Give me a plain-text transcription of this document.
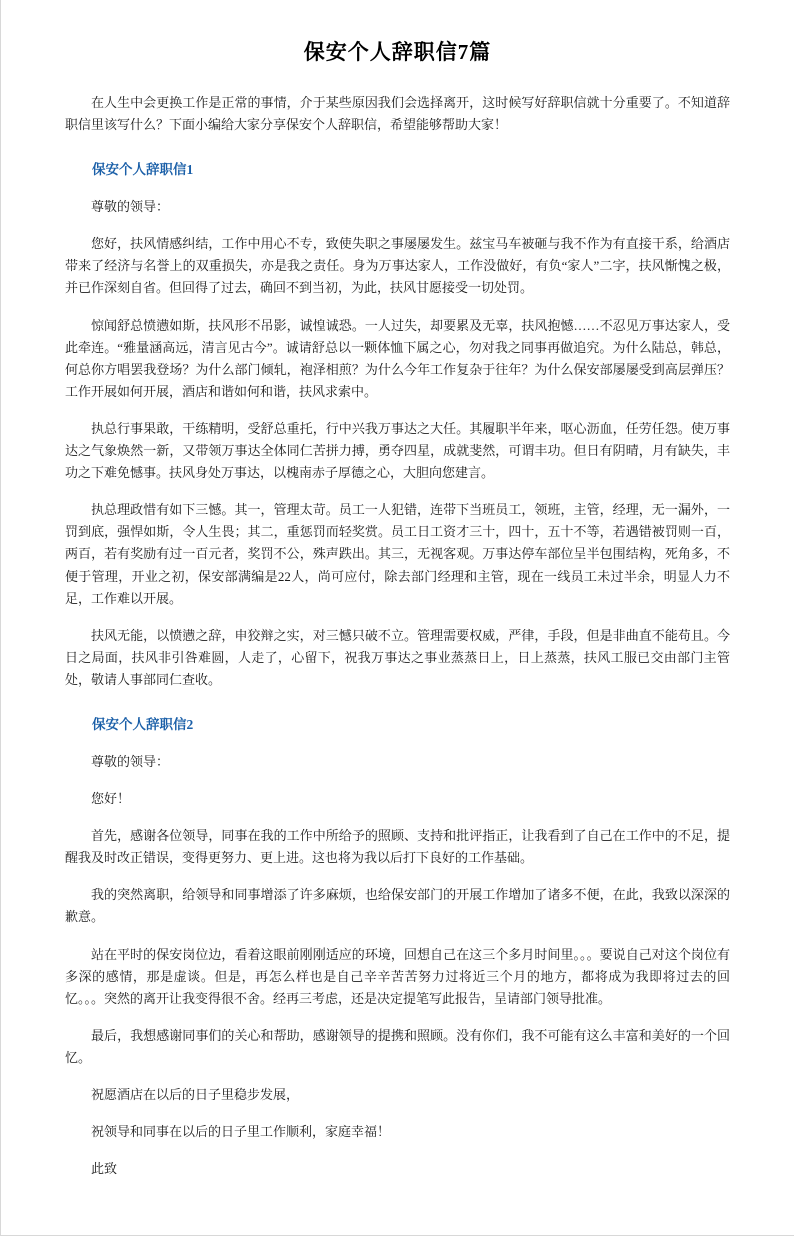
保安个人辞职信7篇

在人生中会更换工作是正常的事情，介于某些原因我们会选择离开，这时候写好辞职信就十分重要了。不知道辞职信里该写什么？下面小编给大家分享保安个人辞职信，希望能够帮助大家！

保安个人辞职信1

尊敬的领导：

您好，扶风情感纠结，工作中用心不专，致使失职之事屡屡发生。兹宝马车被砸与我不作为有直接干系，给酒店带来了经济与名誉上的双重损失，亦是我之责任。身为万事达家人，工作没做好，有负“家人”二字，扶风惭愧之极，并已作深刻自省。但回得了过去，确回不到当初，为此，扶风甘愿接受一切处罚。

惊闻舒总愤懑如斯，扶风形不吊影，诚惶诚恐。一人过失，却要累及无辜，扶风抱憾……不忍见万事达家人，受此牵连。“雅量涵高远，清言见古今”。诚请舒总以一颗体恤下属之心，勿对我之同事再做追究。为什么陆总，韩总，何总你方唱罢我登场？为什么部门倾轧，袍泽相煎？为什么今年工作复杂于往年？为什么保安部屡屡受到高层弹压？工作开展如何开展，酒店和谐如何和谐，扶风求索中。

执总行事果敢，干练精明，受舒总重托，行中兴我万事达之大任。其履职半年来，呕心沥血，任劳任怨。使万事达之气象焕然一新，又带领万事达全体同仁苦拼力搏，勇夺四星，成就斐然，可谓丰功。但日有阴晴，月有缺失，丰功之下难免憾事。扶风身处万事达，以槐南赤子厚德之心，大胆向您建言。

执总理政惜有如下三憾。其一，管理太苛。员工一人犯错，连带下当班员工，领班，主管，经理，无一漏外，一罚到底，强悍如斯，令人生畏；其二，重惩罚而轻奖赏。员工日工资才三十，四十，五十不等，若遇错被罚则一百，两百，若有奖励有过一百元者，奖罚不公，殊声跌出。其三，无视客观。万事达停车部位呈半包围结构，死角多，不便于管理，开业之初，保安部满编是22人，尚可应付，除去部门经理和主管，现在一线员工未过半余，明显人力不足，工作难以开展。

扶风无能，以愤懑之辞，申狡辩之实，对三憾只破不立。管理需要权威，严律，手段，但是非曲直不能苟且。今日之局面，扶风非引咎难圆，人走了，心留下，祝我万事达之事业蒸蒸日上，日上蒸蒸，扶风工服已交由部门主管处，敬请人事部同仁查收。

保安个人辞职信2

尊敬的领导：

您好！

首先，感谢各位领导，同事在我的工作中所给予的照顾、支持和批评指正，让我看到了自己在工作中的不足，提醒我及时改正错误，变得更努力、更上进。这也将为我以后打下良好的工作基础。

我的突然离职，给领导和同事增添了许多麻烦，也给保安部门的开展工作增加了诸多不便，在此，我致以深深的歉意。

站在平时的保安岗位边，看着这眼前刚刚适应的环境，回想自己在这三个多月时间里。。。要说自己对这个岗位有多深的感情，那是虚谈。但是，再怎么样也是自己辛辛苦苦努力过将近三个月的地方，都将成为我即将过去的回忆。。。突然的离开让我变得很不舍。经再三考虑，还是决定提笔写此报告，呈请部门领导批准。

最后，我想感谢同事们的关心和帮助，感谢领导的提携和照顾。没有你们，我不可能有这么丰富和美好的一个回忆。

祝愿酒店在以后的日子里稳步发展，

祝领导和同事在以后的日子里工作顺利，家庭幸福！

此致
